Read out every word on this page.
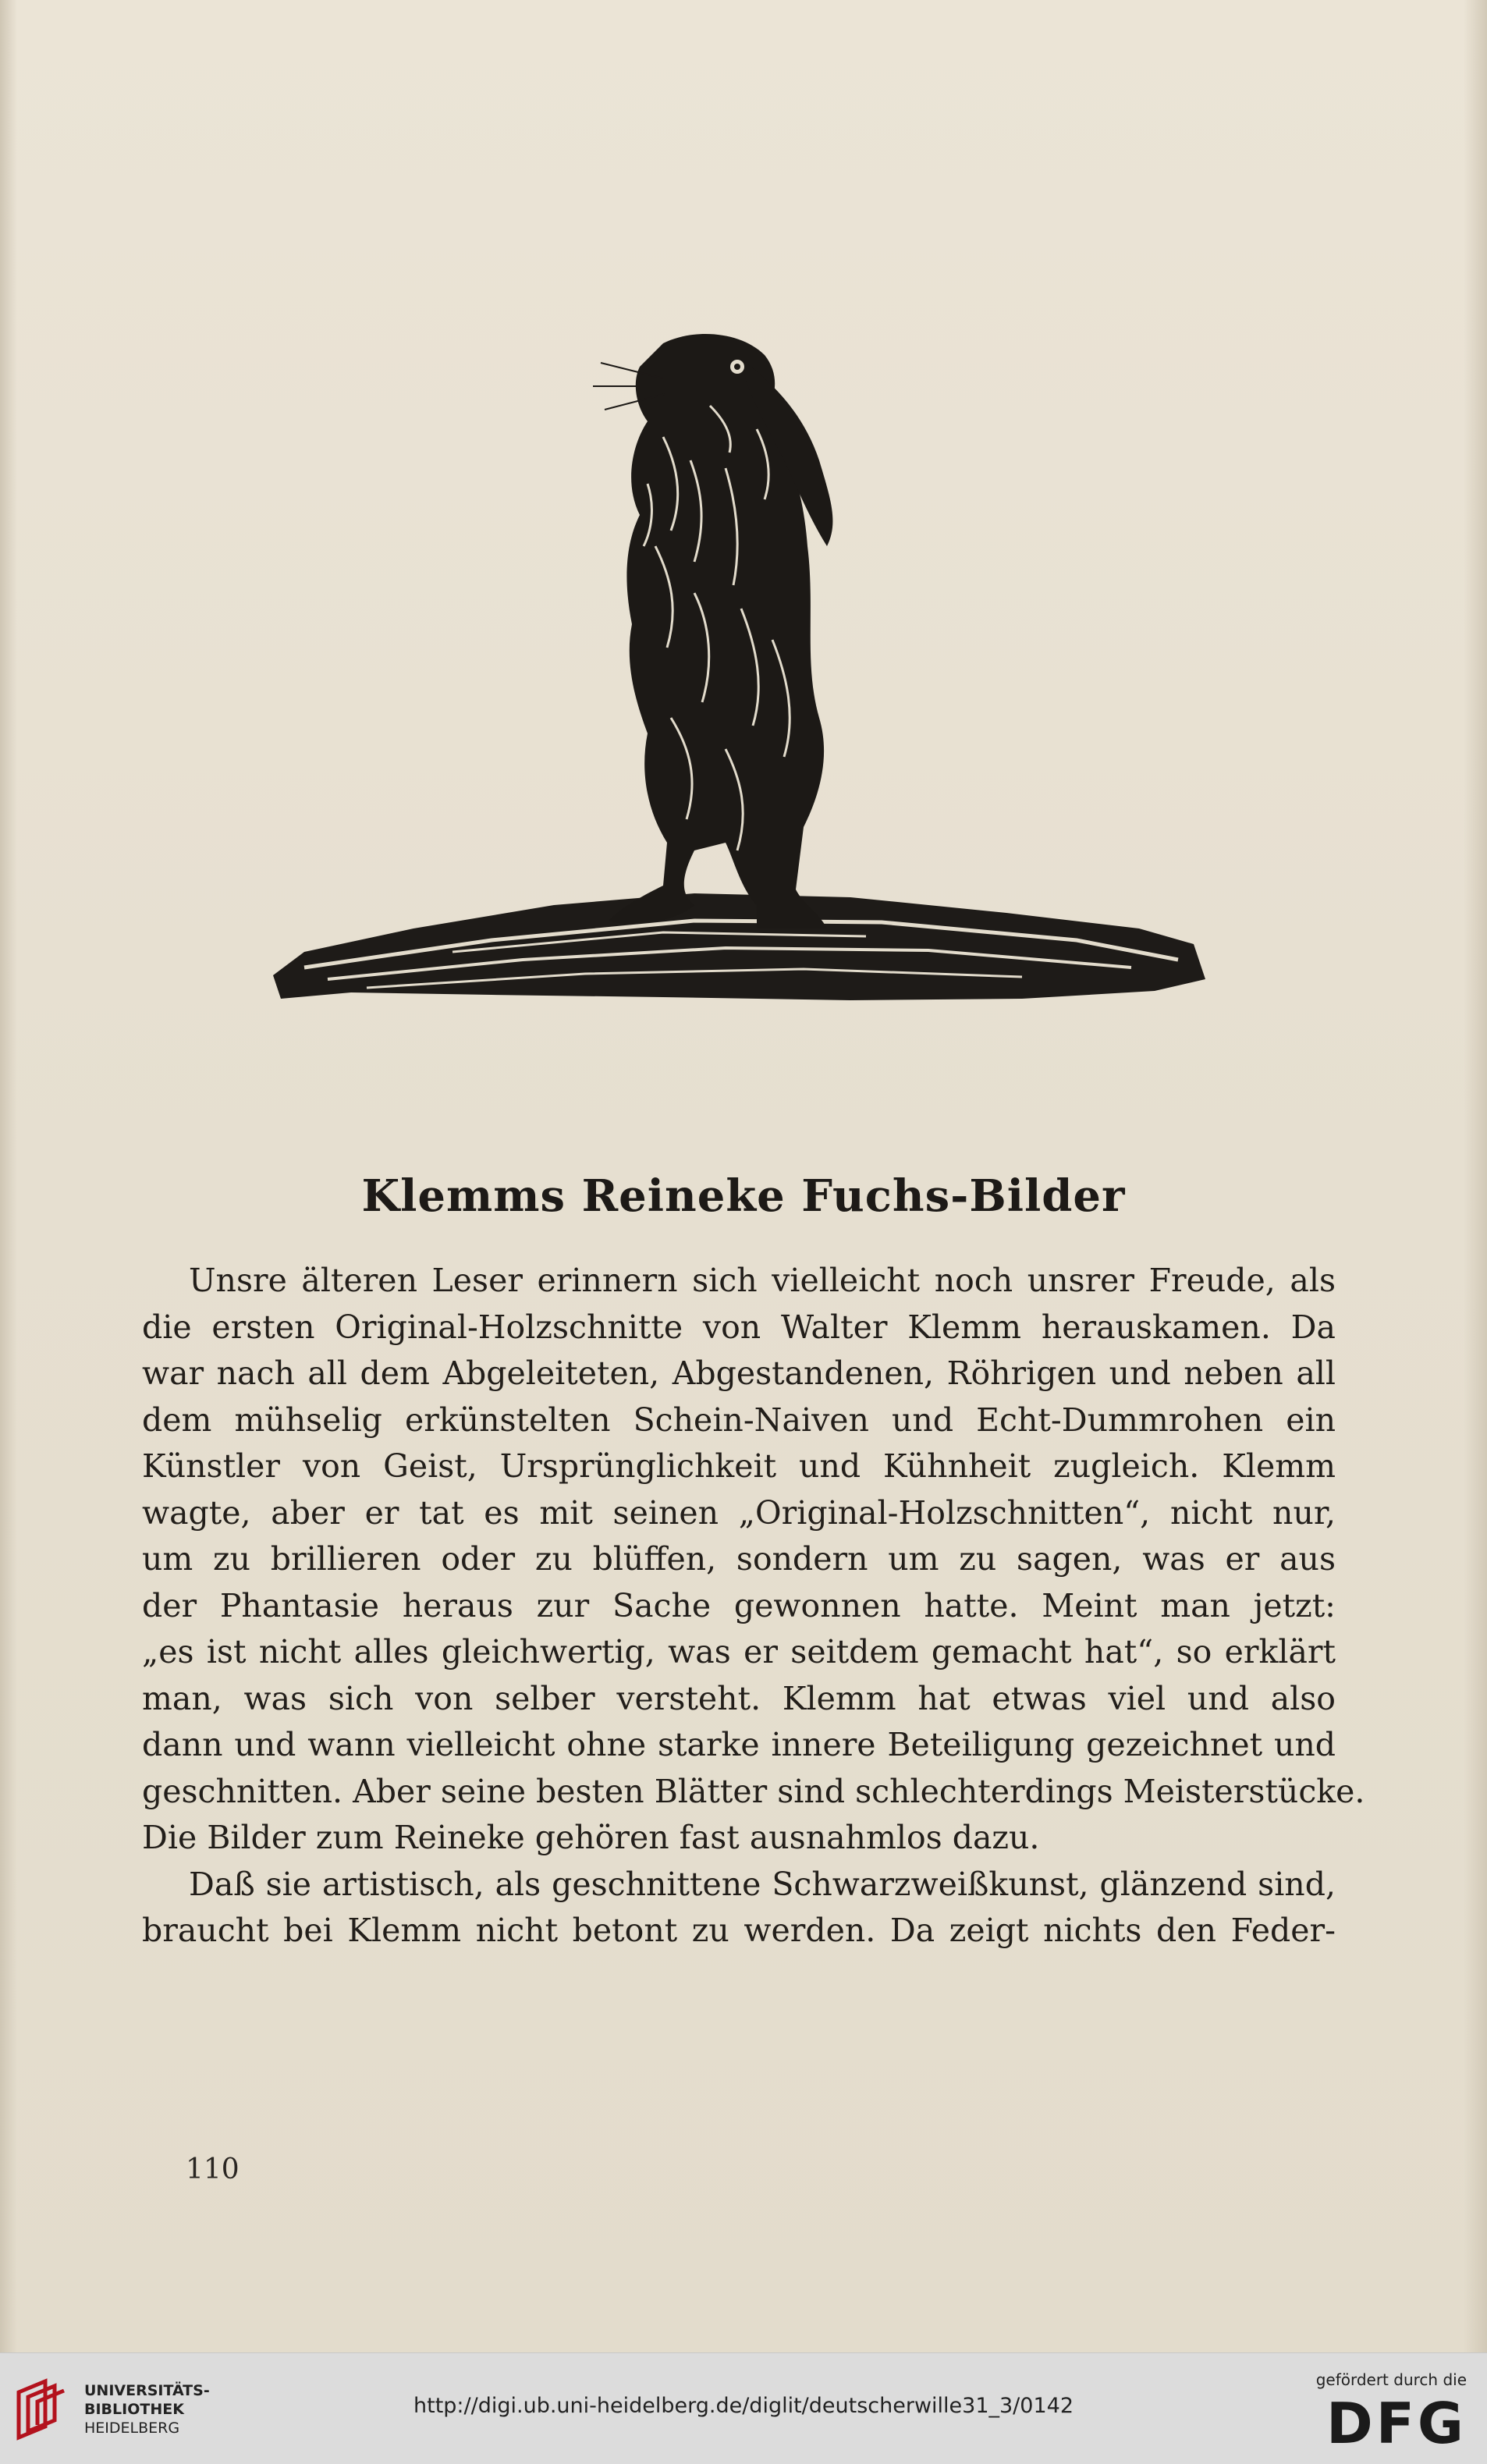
Klemms Reineke Fuchs-Bilder

Unsre älteren Leser erinnern sich vielleicht noch unsrer Freude, als
die ersten Original-Holzschnitte von Walter Klemm herauskamen. Da
war nach all dem Abgeleiteten, Abgestandenen, Röhrigen und neben all
dem mühselig erkünstelten Schein-Naiven und Echt-Dummrohen ein
Künstler von Geist, Ursprünglichkeit und Kühnheit zugleich. Klemm
wagte, aber er tat es mit seinen „Original-Holzschnitten“, nicht nur,
um zu brillieren oder zu blüffen, sondern um zu sagen, was er aus
der Phantasie heraus zur Sache gewonnen hatte. Meint man jetzt:
„es ist nicht alles gleichwertig, was er seitdem gemacht hat“, so erklärt
man, was sich von selber versteht. Klemm hat etwas viel und also
dann und wann vielleicht ohne starke innere Beteiligung gezeichnet und
geschnitten. Aber seine besten Blätter sind schlechterdings Meisterstücke.
Die Bilder zum Reineke gehören fast ausnahmlos dazu.

Daß sie artistisch, als geschnittene Schwarzweißkunst, glänzend sind,
braucht bei Klemm nicht betont zu werden. Da zeigt nichts den Feder-

110
UNIVERSITÄTS-
BIBLIOTHEK
HEIDELBERG
http://digi.ub.uni-heidelberg.de/diglit/deutscherwille31_3/0142
gefördert durch die
DFG
